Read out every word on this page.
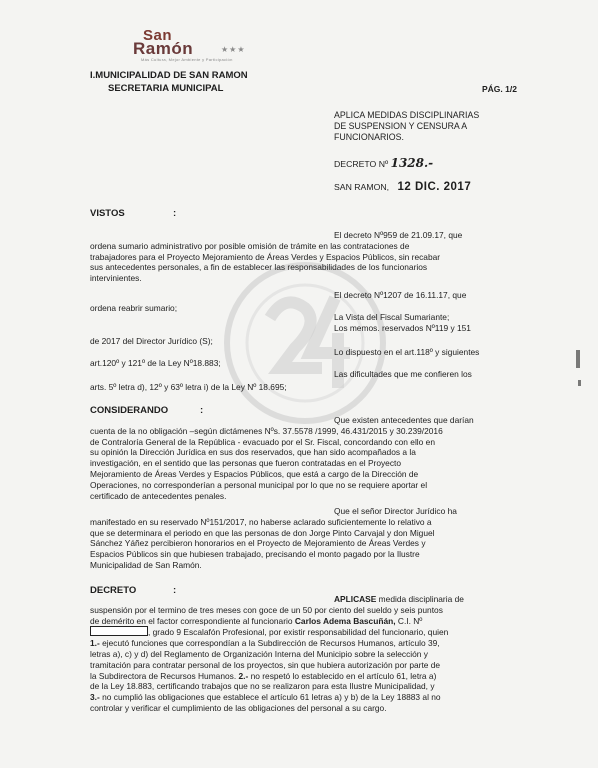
San
Ramón	★★★
Más Cultura, Mejor Ambiente y Participación
I.MUNICIPALIDAD DE SAN RAMON
SECRETARIA MUNICIPAL	PÁG. 1/2

APLICA MEDIDAS DISCIPLINARIAS

DE SUSPENSION Y CENSURA A

FUNCIONARIOS.

DECRETO Nº 1328.-
SAN RAMON, 12 DIC. 2017
VISTOS	:

El decreto Nº959 de 21.09.17, que

ordena sumario administrativo por posible omisión de trámite en las contrataciones de

trabajadores para el Proyecto Mejoramiento de Áreas Verdes y Espacios Públicos, sin recabar

sus antecedentes personales, a fin de establecer las responsabilidades de los funcionarios

intervinientes.

El decreto Nº1207 de 16.11.17, que
ordena reabrir sumario;
La Vista del Fiscal Sumariante;
Los memos. reservados Nº119 y 151
de 2017 del Director Jurídico (S);
Lo dispuesto en el art.118º y siguientes
art.120º y 121º de la Ley Nº18.883;
Las dificultades que me confieren los
arts. 5º letra d), 12º y 63º letra i) de la Ley Nº 18.695;
CONSIDERANDO	:

Que existen antecedentes que darían

cuenta de la no obligación –según dictámenes Nºs. 37.5578 /1999, 46.431/2015 y 30.239/2016

de Contraloría General de la República - evacuado por el Sr. Fiscal, concordando con ello en

su opinión la Dirección Jurídica en sus dos reservados, que han sido acompañados a la

investigación, en el sentido que las personas que fueron contratadas en el Proyecto

Mejoramiento de Áreas Verdes y Espacios Públicos, que está a cargo de la Dirección de

Operaciones, no corresponderían a personal municipal por lo que no se requiere aportar el

certificado de antecedentes penales.

Que el señor Director Jurídico ha

manifestado en su reservado Nº151/2017, no haberse aclarado suficientemente lo relativo a

que se determinara el periodo en que las personas de don Jorge Pinto Carvajal y don Miguel

Sánchez Yáñez percibieron honorarios en el Proyecto de Mejoramiento de Áreas Verdes y

Espacios Públicos sin que hubiesen trabajado, precisando el monto pagado por la Ilustre

Municipalidad de San Ramón.

DECRETO	:

APLICASE medida disciplinaria de

suspensión por el termino de tres meses con goce de un 50 por ciento del sueldo y seis puntos

de demérito en el factor correspondiente al funcionario Carlos Adema Bascuñán, C.I. Nº

, grado 9 Escalafón Profesional, por existir responsabilidad del funcionario, quien

1.- ejecutó funciones que correspondían a la Subdirección de Recursos Humanos, artículo 39,

letras a), c) y d) del Reglamento de Organización Interna del Municipio sobre la selección y

tramitación para contratar personal de los proyectos, sin que hubiera autorización por parte de

la Subdirectora de Recursos Humanos. 2.- no respetó lo establecido en el artículo 61, letra a)

de la Ley 18.883, certificando trabajos que no se realizaron para esta Ilustre Municipalidad, y

3.- no cumplió las obligaciones que establece el artículo 61 letras a) y b) de la Ley 18883 al no

controlar y verificar el cumplimiento de las obligaciones del personal a su cargo.
